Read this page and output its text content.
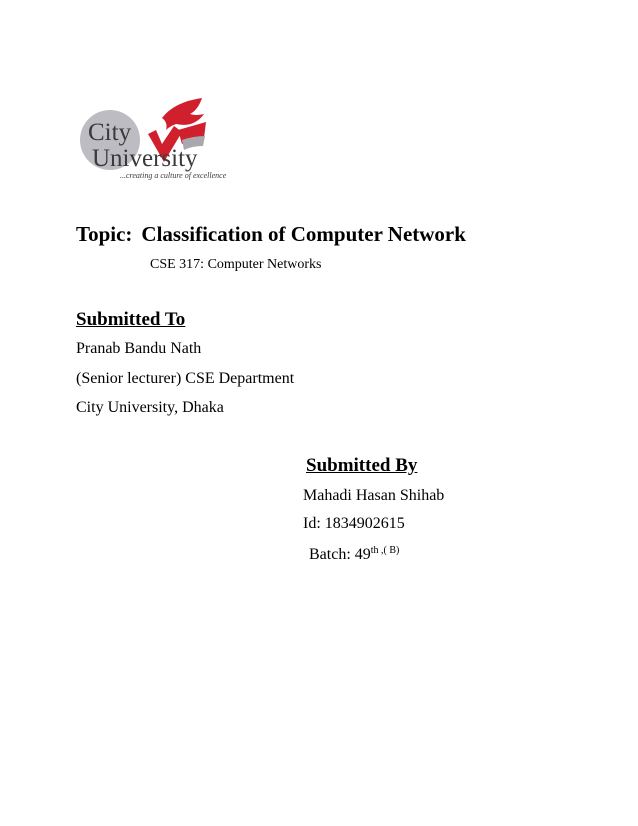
City
University
...creating a culture of excellence
Topic: Classification of Computer Network
CSE 317: Computer Networks
Submitted To
Pranab Bandu Nath
(Senior lecturer) CSE Department
City University, Dhaka
Submitted By
Mahadi Hasan Shihab
Id: 1834902615
Batch: $49^{th ,( B)}$
